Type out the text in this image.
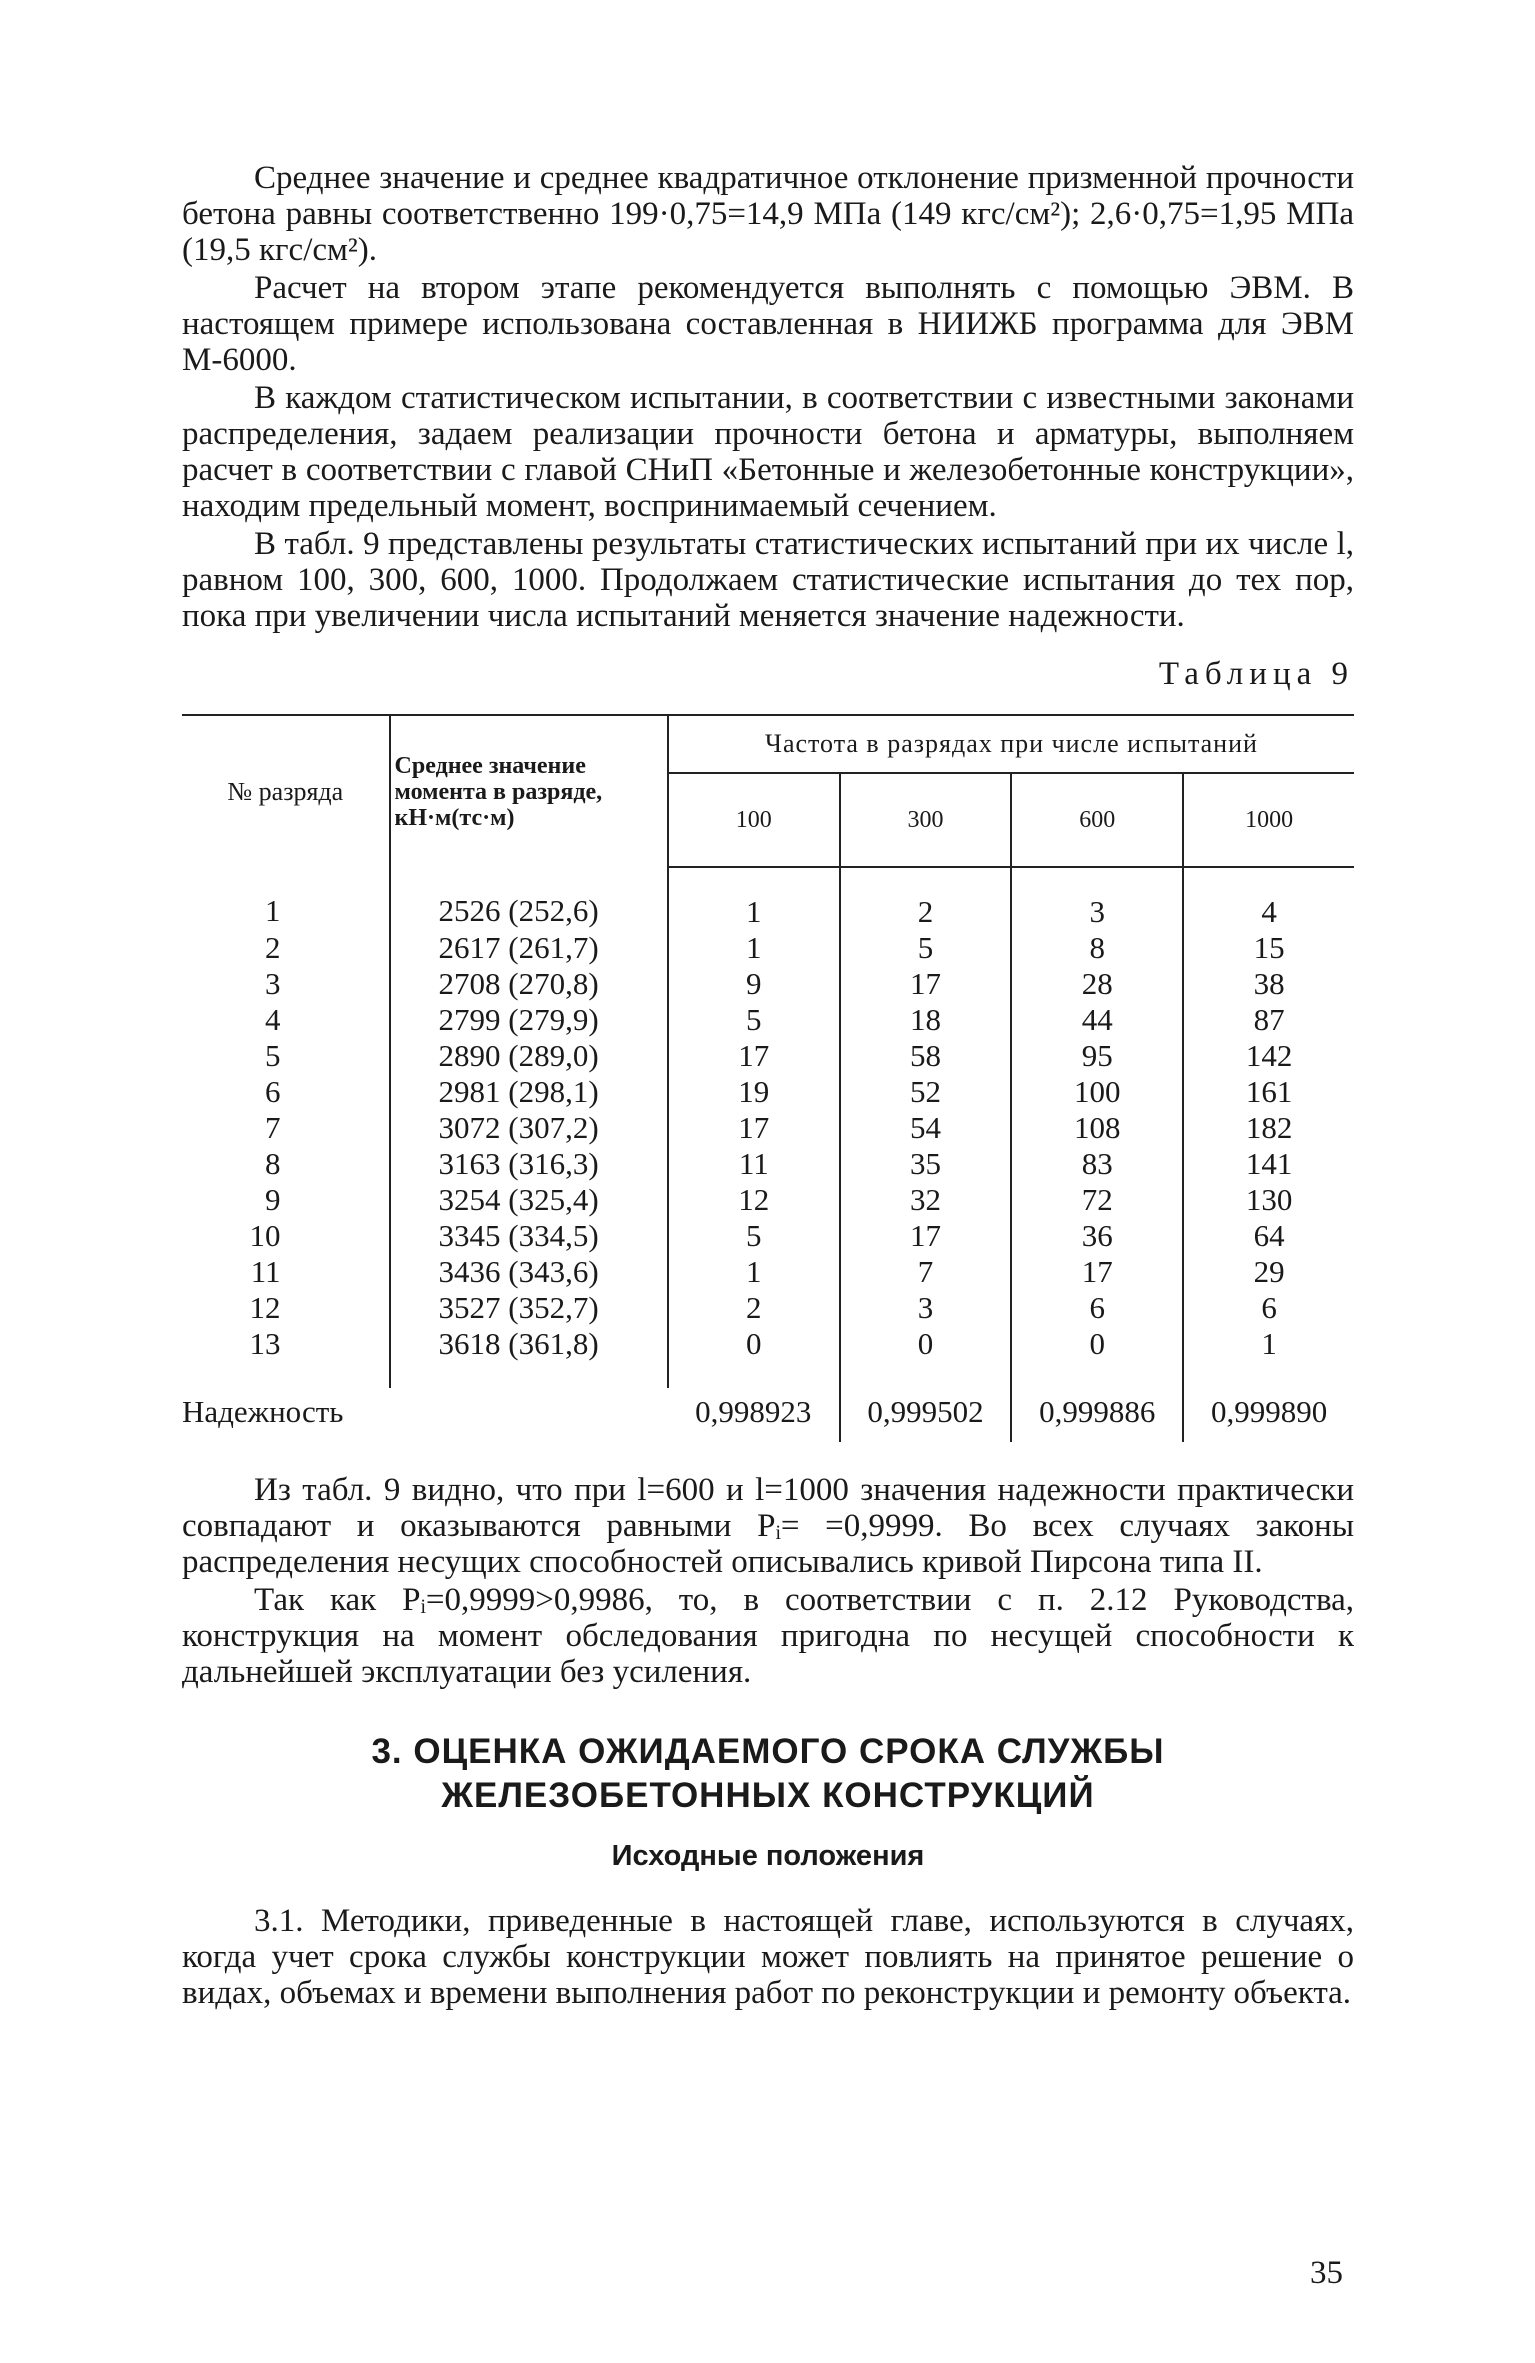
Среднее значение и среднее квадратичное отклонение призменной прочности бетона равны соответственно 199·0,75=14,9 МПа (149 кгс/см²); 2,6·0,75=1,95 МПа (19,5 кгс/см²).

Расчет на втором этапе рекомендуется выполнять с помощью ЭВМ. В настоящем примере использована составленная в НИИЖБ программа для ЭВМ М-6000.

В каждом статистическом испытании, в соответствии с известными законами распределения, задаем реализации прочности бетона и арматуры, выполняем расчет в соответствии с главой СНиП «Бетонные и железобетонные конструкции», находим предельный момент, воспринимаемый сечением.

В табл. 9 представлены результаты статистических испытаний при их числе l, равном 100, 300, 600, 1000. Продолжаем статистические испытания до тех пор, пока при увеличении числа испытаний меняется значение надежности.

Таблица 9
№ разряда	Среднее значение момента в разряде, кН·м(тс·м)	Частота в разрядах при числе испытаний			
		100	300	600	1000
1	2526 (252,6)	1	2	3	4
2	2617 (261,7)	1	5	8	15
3	2708 (270,8)	9	17	28	38
4	2799 (279,9)	5	18	44	87
5	2890 (289,0)	17	58	95	142
6	2981 (298,1)	19	52	100	161
7	3072 (307,2)	17	54	108	182
8	3163 (316,3)	11	35	83	141
9	3254 (325,4)	12	32	72	130
10	3345 (334,5)	5	17	36	64
11	3436 (343,6)	1	7	17	29
12	3527 (352,7)	2	3	6	6
13	3618 (361,8)	0	0	0	1

Надежность		0,998923	0,999502	0,999886	0,999890

Из табл. 9 видно, что при l=600 и l=1000 значения надежности практически совпадают и оказываются равными Pᵢ= =0,9999. Во всех случаях законы распределения несущих способностей описывались кривой Пирсона типа II.

Так как Pᵢ=0,9999>0,9986, то, в соответствии с п. 2.12 Руководства, конструкция на момент обследования пригодна по несущей способности к дальнейшей эксплуатации без усиления.

3. ОЦЕНКА ОЖИДАЕМОГО СРОКА СЛУЖБЫ
ЖЕЛЕЗОБЕТОННЫХ КОНСТРУКЦИЙ
Исходные положения

3.1. Методики, приведенные в настоящей главе, используются в случаях, когда учет срока службы конструкции может повлиять на принятое решение о видах, объемах и времени выполнения работ по реконструкции и ремонту объекта.

35
